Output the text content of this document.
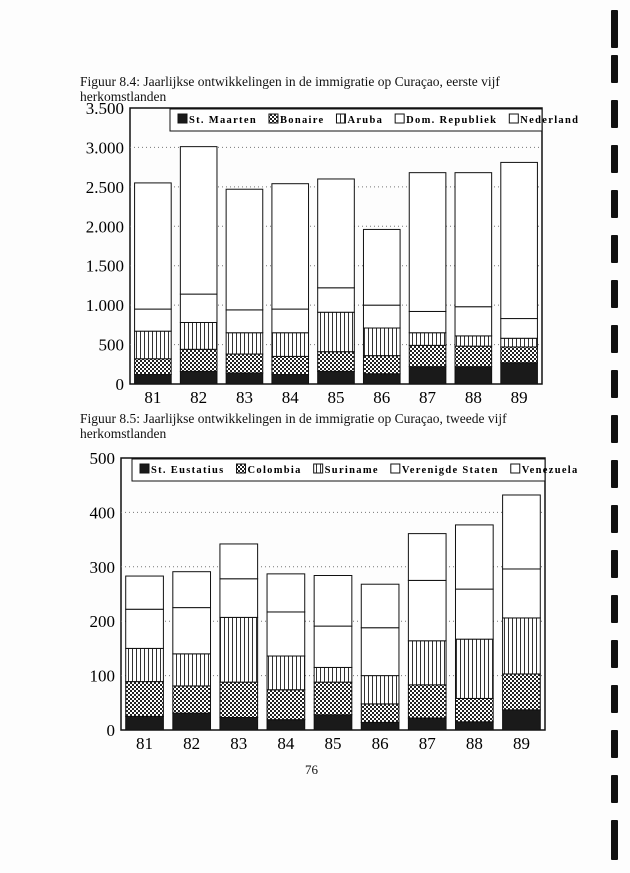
Figuur 8.4: Jaarlijkse ontwikkelingen in de immigratie op Curaçao, eerste vijf herkomstlanden
0
500
1.000
1.500
2.000
2.500
3.000
3.500
81 82 83 84 85 86 87 88 89
St. Maarten Bonaire Aruba Dom. Republiek Nederland
Figuur 8.5: Jaarlijkse ontwikkelingen in de immigratie op Curaçao, tweede vijf herkomstlanden
0
100
200
300
400
500
81 82 83 84 85 86 87 88 89
St. Eustatius Colombia Suriname Verenigde Staten Venezuela
76
